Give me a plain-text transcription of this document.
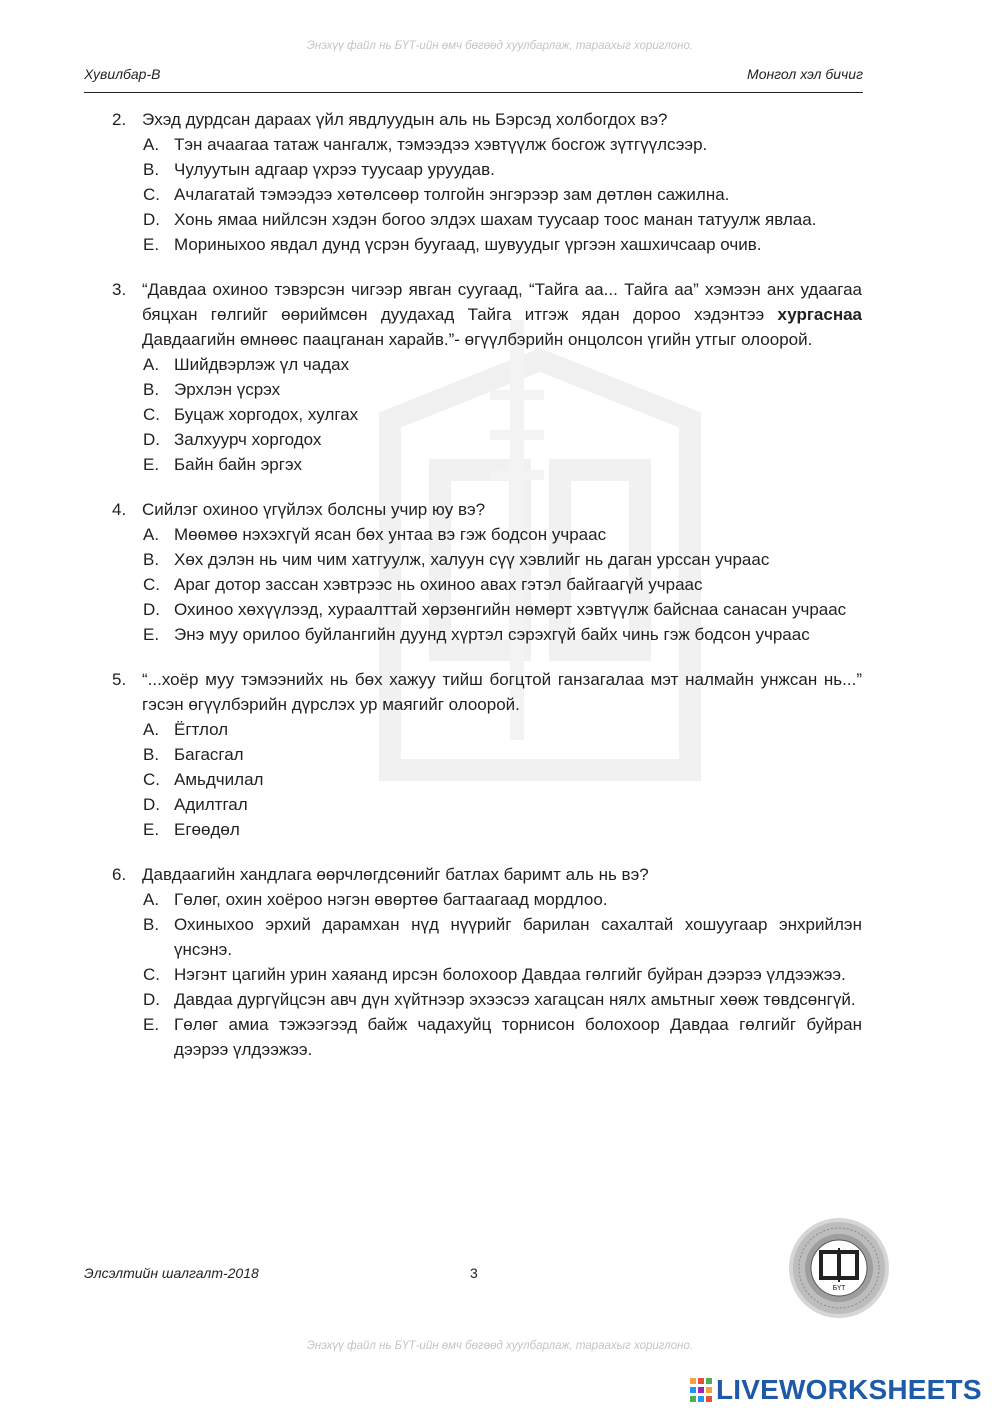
Энэхүү файл нь БҮТ-ийн өмч бөгөөд хуулбарлаж, тараахыг хориглоно.
Хувилбар-В	Монгол хэл бичиг
2. Эхэд дурдсан дараах үйл явдлуудын аль нь Бэрсэд холбогдох вэ?
A. Тэн ачаагаа татаж чангалж, тэмээдээ хэвтүүлж босгож зүтгүүлсээр.
B. Чулуутын адгаар үхрээ туусаар уруудав.
C. Ачлагатай тэмээдээ хөтөлсөөр толгойн энгэрээр зам дөтлөн сажилна.
D. Хонь ямаа нийлсэн хэдэн богоо элдэх шахам туусаар тоос манан татуулж явлаа.
E. Мориныхоо явдал дунд үсрэн буугаад, шувуудыг үргээн хашхичсаар очив.
3. “Давдаа охиноо тэвэрсэн чигээр явган суугаад, “Тайга аа... Тайга аа” хэмээн анх удаагаа бяцхан гөлгийг өөриймсөн дуудахад Тайга итгэж ядан дороо хэдэнтээ хургаснаа Давдаагийн өмнөөс паацганан харайв.”- өгүүлбэрийн онцолсон үгийн утгыг олоорой.
A. Шийдвэрлэж үл чадах
B. Эрхлэн үсрэх
C. Буцаж хоргодох, хулгах
D. Залхуурч хоргодох
E. Байн байн эргэх
4. Сийлэг охиноо үгүйлэх болсны учир юу вэ?
A. Мөөмөө нэхэхгүй ясан бөх унтаа вэ гэж бодсон учраас
B. Хөх дэлэн нь чим чим хатгуулж, халуун сүү хэвлийг нь даган урссан учраас
C. Араг дотор зассан хэвтрээс нь охиноо авах гэтэл байгаагүй учраас
D. Охиноо хөхүүлээд, хураалттай хөрзөнгийн нөмөрт хэвтүүлж байснаа санасан учраас
E. Энэ муу орилоо буйлангийн дуунд хүртэл сэрэхгүй байх чинь гэж бодсон учраас
5. “...хоёр муу тэмээнийх нь бөх хажуу тийш богцтой ганзагалаа мэт налмайн унжсан нь...” гэсэн өгүүлбэрийн дүрслэх ур маягийг олоорой.
A. Ёгтлол
B. Багасгал
C. Амьдчилал
D. Адилтгал
E. Егөөдөл
6. Давдаагийн хандлага өөрчлөгдсөнийг батлах баримт аль нь вэ?
A. Гөлөг, охин хоёроо нэгэн өвөртөө багтаагаад мордлоо.
B. Охиныхоо эрхий дарамхан нүд нүүрийг барилан сахалтай хошуугаар энхрийлэн үнсэнэ.
C. Нэгэнт цагийн урин хаяанд ирсэн болохоор Давдаа гөлгийг буйран дээрээ үлдээжээ.
D. Давдаа дургүйцсэн авч дүн хүйтнээр эхээсээ хагацсан нялх амьтныг хөөж төвдсөнгүй.
E. Гөлөг амиа тэжээгээд байж чадахуйц торнисон болохоор Давдаа гөлгийг буйран дээрээ үлдээжээ.
Элсэлтийн шалгалт-2018	3
БҮТ
Энэхүү файл нь БҮТ-ийн өмч бөгөөд хуулбарлаж, тараахыг хориглоно.
LIVEWORKSHEETS
